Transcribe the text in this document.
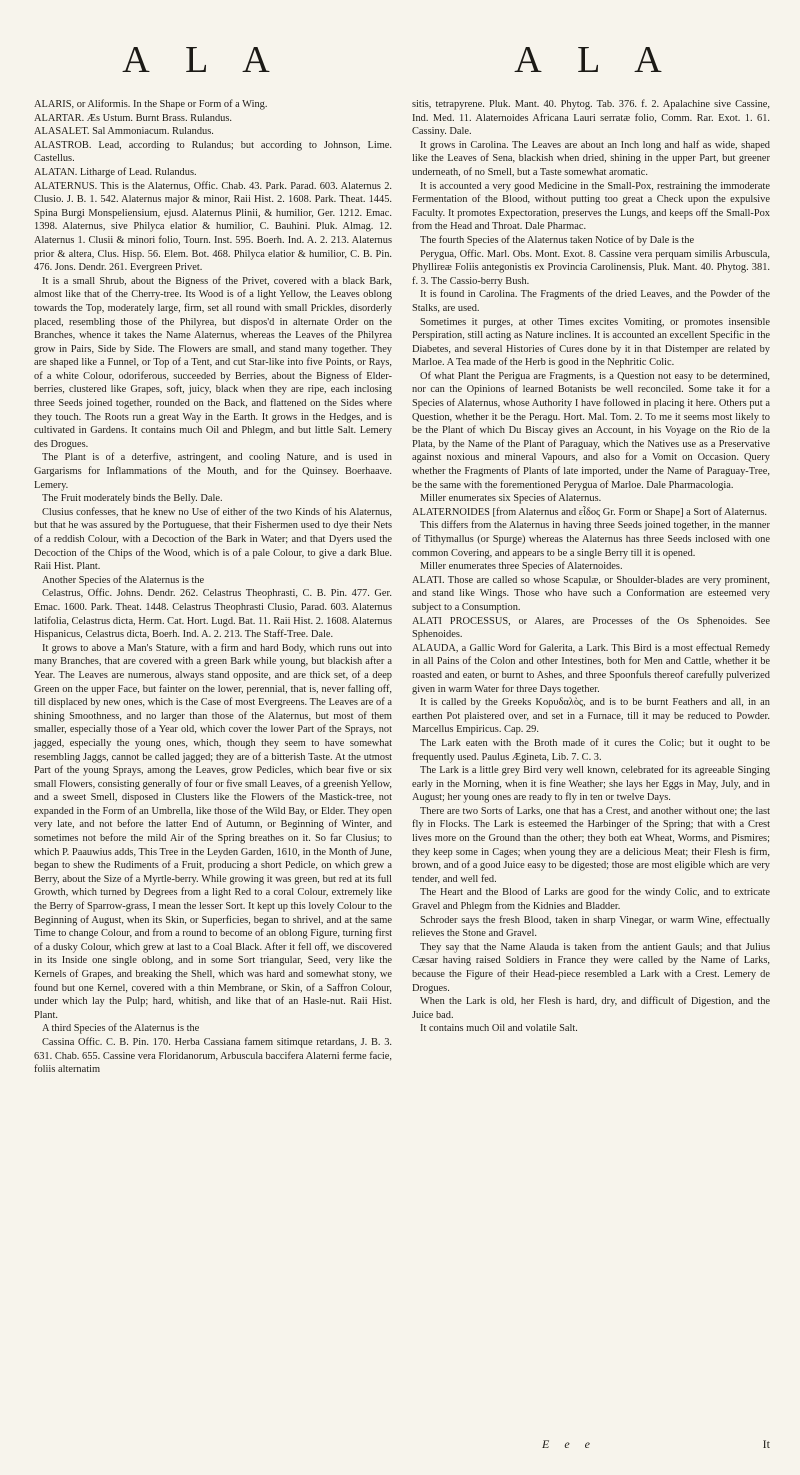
A L A	A L A

ALARIS, or Aliformis. In the Shape or Form of a Wing.

ALARTAR. Æs Ustum. Burnt Brass. Rulandus.

ALASALET. Sal Ammoniacum. Rulandus.

ALASTROB. Lead, according to Rulandus; but according to Johnson, Lime. Castellus.

ALATAN. Litharge of Lead. Rulandus.

ALATERNUS. This is the Alaternus, Offic. Chab. 43. Park. Parad. 603. Alaternus 2. Clusio. J. B. 1. 542. Alaternus major & minor, Raii Hist. 2. 1608. Park. Theat. 1445. Spina Burgi Monspeliensium, ejusd. Alaternus Plinii, & humilior, Ger. 1212. Emac. 1398. Alaternus, sive Philyca elatior & humilior, C. Bauhini. Pluk. Almag. 12. Alaternus 1. Clusii & minori folio, Tourn. Inst. 595. Boerh. Ind. A. 2. 213. Alaternus prior & altera, Clus. Hisp. 56. Elem. Bot. 468. Philyca elatior & humilior, C. B. Pin. 476. Jons. Dendr. 261. Evergreen Privet.

It is a small Shrub, about the Bigness of the Privet, covered with a black Bark, almost like that of the Cherry-tree. Its Wood is of a light Yellow, the Leaves oblong towards the Top, moderately large, firm, set all round with small Prickles, disorderly placed, resembling those of the Philyrea, but dispos'd in alternate Order on the Branches, whence it takes the Name Alaternus, whereas the Leaves of the Philyrea grow in Pairs, Side by Side. The Flowers are small, and stand many together. They are shaped like a Funnel, or Top of a Tent, and cut Star-like into five Points, or Rays, of a white Colour, odoriferous, succeeded by Berries, about the Bigness of Elder-berries, clustered like Grapes, soft, juicy, black when they are ripe, each inclosing three Seeds joined together, rounded on the Back, and flattened on the Sides where they touch. The Roots run a great Way in the Earth. It grows in the Hedges, and is cultivated in Gardens. It contains much Oil and Phlegm, and but little Salt. Lemery des Drogues.

The Plant is of a deterfive, astringent, and cooling Nature, and is used in Gargarisms for Inflammations of the Mouth, and for the Quinsey. Boerhaave. Lemery.

The Fruit moderately binds the Belly. Dale.

Clusius confesses, that he knew no Use of either of the two Kinds of his Alaternus, but that he was assured by the Portuguese, that their Fishermen used to dye their Nets of a reddish Colour, with a Decoction of the Bark in Water; and that Dyers used the Decoction of the Chips of the Wood, which is of a pale Colour, to give a dark Blue. Raii Hist. Plant.

Another Species of the Alaternus is the

Celastrus, Offic. Johns. Dendr. 262. Celastrus Theophrasti, C. B. Pin. 477. Ger. Emac. 1600. Park. Theat. 1448. Celastrus Theophrasti Clusio, Parad. 603. Alaternus latifolia, Celastrus dicta, Herm. Cat. Hort. Lugd. Bat. 11. Raii Hist. 2. 1608. Alaternus Hispanicus, Celastrus dicta, Boerh. Ind. A. 2. 213. The Staff-Tree. Dale.

It grows to above a Man's Stature, with a firm and hard Body, which runs out into many Branches, that are covered with a green Bark while young, but blackish after a Year. The Leaves are numerous, always stand opposite, and are thick set, of a deep Green on the upper Face, but fainter on the lower, perennial, that is, never falling off, till displaced by new ones, which is the Case of most Evergreens. The Leaves are of a shining Smoothness, and no larger than those of the Alaternus, but most of them smaller, especially those of a Year old, which cover the lower Part of the Sprays, not jagged, especially the young ones, which, though they seem to have somewhat resembling Jaggs, cannot be called jagged; they are of a bitterish Taste. At the utmost Part of the young Sprays, among the Leaves, grow Pedicles, which bear five or six small Flowers, consisting generally of four or five small Leaves, of a greenish Yellow, and a sweet Smell, disposed in Clusters like the Flowers of the Mastick-tree, not expanded in the Form of an Umbrella, like those of the Wild Bay, or Elder. They open very late, and not before the latter End of Autumn, or Beginning of Winter, and sometimes not before the mild Air of the Spring breathes on it. So far Clusius; to which P. Paauwius adds, This Tree in the Leyden Garden, 1610, in the Month of June, began to shew the Rudiments of a Fruit, producing a short Pedicle, on which grew a Berry, about the Size of a Myrtle-berry. While growing it was green, but red at its full Growth, which turned by Degrees from a light Red to a coral Colour, extremely like the Berry of Sparrow-grass, I mean the lesser Sort. It kept up this lovely Colour to the Beginning of August, when its Skin, or Superficies, began to shrivel, and at the same Time to change Colour, and from a round to become of an oblong Figure, turning first of a dusky Colour, which grew at last to a Coal Black. After it fell off, we discovered in its Inside one single oblong, and in some Sort triangular, Seed, very like the Kernels of Grapes, and breaking the Shell, which was hard and somewhat stony, we found but one Kernel, covered with a thin Membrane, or Skin, of a Saffron Colour, under which lay the Pulp; hard, whitish, and like that of an Hasle-nut. Raii Hist. Plant.

A third Species of the Alaternus is the

Cassina Offic. C. B. Pin. 170. Herba Cassiana famem sitimque retardans, J. B. 3. 631. Chab. 655. Cassine vera Floridanorum, Arbuscula baccifera Alaterni ferme facie, foliis alternatim

sitis, tetrapyrene. Pluk. Mant. 40. Phytog. Tab. 376. f. 2. Apalachine sive Cassine, Ind. Med. 11. Alaternoides Africana Lauri serratæ folio, Comm. Rar. Exot. 1. 61. Cassiny. Dale.

It grows in Carolina. The Leaves are about an Inch long and half as wide, shaped like the Leaves of Sena, blackish when dried, shining in the upper Part, but greener underneath, of no Smell, but a Taste somewhat aromatic.

It is accounted a very good Medicine in the Small-Pox, restraining the immoderate Fermentation of the Blood, without putting too great a Check upon the expulsive Faculty. It promotes Expectoration, preserves the Lungs, and keeps off the Small-Pox from the Head and Throat. Dale Pharmac.

The fourth Species of the Alaternus taken Notice of by Dale is the

Perygua, Offic. Marl. Obs. Mont. Exot. 8. Cassine vera perquam similis Arbuscula, Phyllireæ Foliis antegonistis ex Provincia Carolinensis, Pluk. Mant. 40. Phytog. 381. f. 3. The Cassio-berry Bush.

It is found in Carolina. The Fragments of the dried Leaves, and the Powder of the Stalks, are used.

Sometimes it purges, at other Times excites Vomiting, or promotes insensible Perspiration, still acting as Nature inclines. It is accounted an excellent Specific in the Diabetes, and several Histories of Cures done by it in that Distemper are related by Marloe. A Tea made of the Herb is good in the Nephritic Colic.

Of what Plant the Perigua are Fragments, is a Question not easy to be determined, nor can the Opinions of learned Botanists be well reconciled. Some take it for a Species of Alaternus, whose Authority I have followed in placing it here. Others put a Question, whether it be the Peragu. Hort. Mal. Tom. 2. To me it seems most likely to be the Plant of which Du Biscay gives an Account, in his Voyage on the Rio de la Plata, by the Name of the Plant of Paraguay, which the Natives use as a Preservative against noxious and mineral Vapours, and also for a Vomit on Occasion. Query whether the Fragments of Plants of late imported, under the Name of Paraguay-Tree, be the same with the forementioned Perygua of Marloe. Dale Pharmacologia.

Miller enumerates six Species of Alaternus.

ALATERNOIDES [from Alaternus and εἶδος Gr. Form or Shape] a Sort of Alaternus.

This differs from the Alaternus in having three Seeds joined together, in the manner of Tithymallus (or Spurge) whereas the Alaternus has three Seeds inclosed with one common Covering, and appears to be a single Berry till it is opened.

Miller enumerates three Species of Alaternoides.

ALATI. Those are called so whose Scapulæ, or Shoulder-blades are very prominent, and stand like Wings. Those who have such a Conformation are esteemed very subject to a Consumption.

ALATI PROCESSUS, or Alares, are Processes of the Os Sphenoides. See Sphenoides.

ALAUDA, a Gallic Word for Galerita, a Lark. This Bird is a most effectual Remedy in all Pains of the Colon and other Intestines, both for Men and Cattle, whether it be roasted and eaten, or burnt to Ashes, and three Spoonfuls thereof carefully pulverized given in warm Water for three Days together.

It is called by the Greeks Κορυδαλὸς, and is to be burnt Feathers and all, in an earthen Pot plaistered over, and set in a Furnace, till it may be reduced to Powder. Marcellus Empiricus. Cap. 29.

The Lark eaten with the Broth made of it cures the Colic; but it ought to be frequently used. Paulus Ægineta, Lib. 7. C. 3.

The Lark is a little grey Bird very well known, celebrated for its agreeable Singing early in the Morning, when it is fine Weather; she lays her Eggs in May, July, and in August; her young ones are ready to fly in ten or twelve Days.

There are two Sorts of Larks, one that has a Crest, and another without one; the last fly in Flocks. The Lark is esteemed the Harbinger of the Spring; that with a Crest lives more on the Ground than the other; they both eat Wheat, Worms, and Pismires; they keep some in Cages; when young they are a delicious Meat; their Flesh is firm, brown, and of a good Juice easy to be digested; those are most eligible which are very tender, and well fed.

The Heart and the Blood of Larks are good for the windy Colic, and to extricate Gravel and Phlegm from the Kidnies and Bladder.

Schroder says the fresh Blood, taken in sharp Vinegar, or warm Wine, effectually relieves the Stone and Gravel.

They say that the Name Alauda is taken from the antient Gauls; and that Julius Cæsar having raised Soldiers in France they were called by the Name of Larks, because the Figure of their Head-piece resembled a Lark with a Crest. Lemery de Drogues.

When the Lark is old, her Flesh is hard, dry, and difficult of Digestion, and the Juice bad.

It contains much Oil and volatile Salt.

E e e	It
